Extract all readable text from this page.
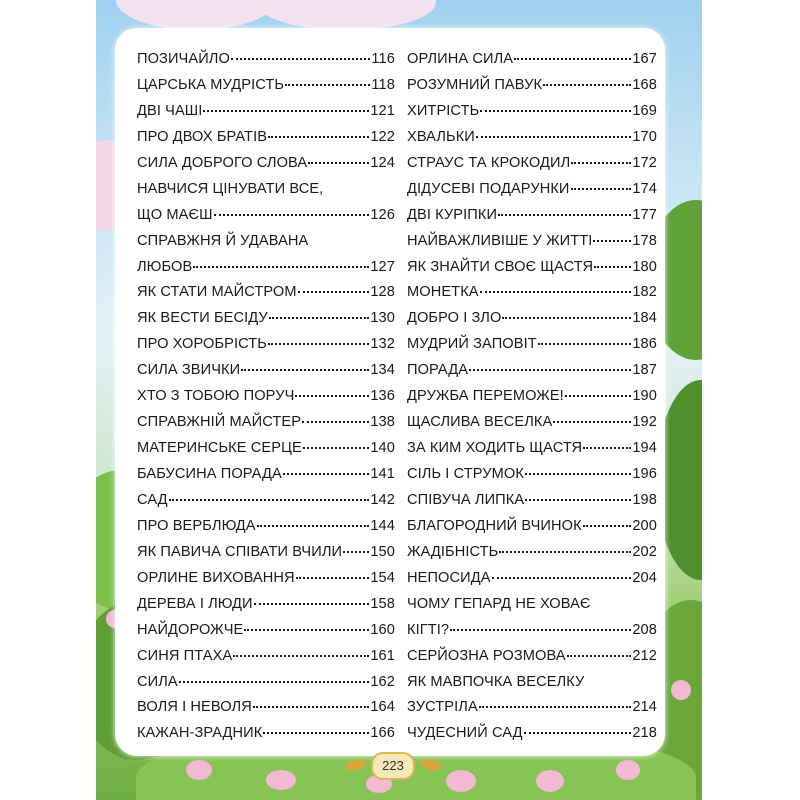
ПОЗИЧАЙЛО	116
ЦАРСЬКА МУДРІСТЬ	118
ДВІ ЧАШІ	121
ПРО ДВОХ БРАТІВ	122
СИЛА ДОБРОГО СЛОВА	124
НАВЧИСЯ ЦІНУВАТИ ВСЕ,
ЩО МАЄШ	126
СПРАВЖНЯ Й УДАВАНА
ЛЮБОВ	127
ЯК СТАТИ МАЙСТРОМ	128
ЯК ВЕСТИ БЕСІДУ	130
ПРО ХОРОБРІСТЬ	132
СИЛА ЗВИЧКИ	134
ХТО З ТОБОЮ ПОРУЧ	136
СПРАВЖНІЙ МАЙСТЕР	138
МАТЕРИНСЬКЕ СЕРЦЕ	140
БАБУСИНА ПОРАДА	141
САД	142
ПРО ВЕРБЛЮДА	144
ЯК ПАВИЧА СПІВАТИ ВЧИЛИ 150
ОРЛИНЕ ВИХОВАННЯ	154
ДЕРЕВА І ЛЮДИ	158
НАЙДОРОЖЧЕ	160
СИНЯ ПТАХА	161
СИЛА	162
ВОЛЯ І НЕВОЛЯ	164
КАЖАН-ЗРАДНИК	166
ОРЛИНА СИЛА	167
РОЗУМНИЙ ПАВУК	168
ХИТРІСТЬ	169
ХВАЛЬКИ	170
СТРАУС ТА КРОКОДИЛ	172
ДІДУСЕВІ ПОДАРУНКИ	174
ДВІ КУРІПКИ	177
НАЙВАЖЛИВІШЕ У ЖИТТІ	178
ЯК ЗНАЙТИ СВОЄ ЩАСТЯ	180
МОНЕТКА	182
ДОБРО І ЗЛО	184
МУДРИЙ ЗАПОВІТ	186
ПОРАДА	187
ДРУЖБА ПЕРЕМОЖЕ!	190
ЩАСЛИВА ВЕСЕЛКА	192
ЗА КИМ ХОДИТЬ ЩАСТЯ	194
СІЛЬ І СТРУМОК	196
СПІВУЧА ЛИПКА	198
БЛАГОРОДНИЙ ВЧИНОК	200
ЖАДІБНІСТЬ	202
НЕПОСИДА	204
ЧОМУ ГЕПАРД НЕ ХОВАЄ
КІГТІ?	208
СЕРЙОЗНА РОЗМОВА	212
ЯК МАВПОЧКА ВЕСЕЛКУ
ЗУСТРІЛА	214
ЧУДЕСНИЙ САД	218
223
